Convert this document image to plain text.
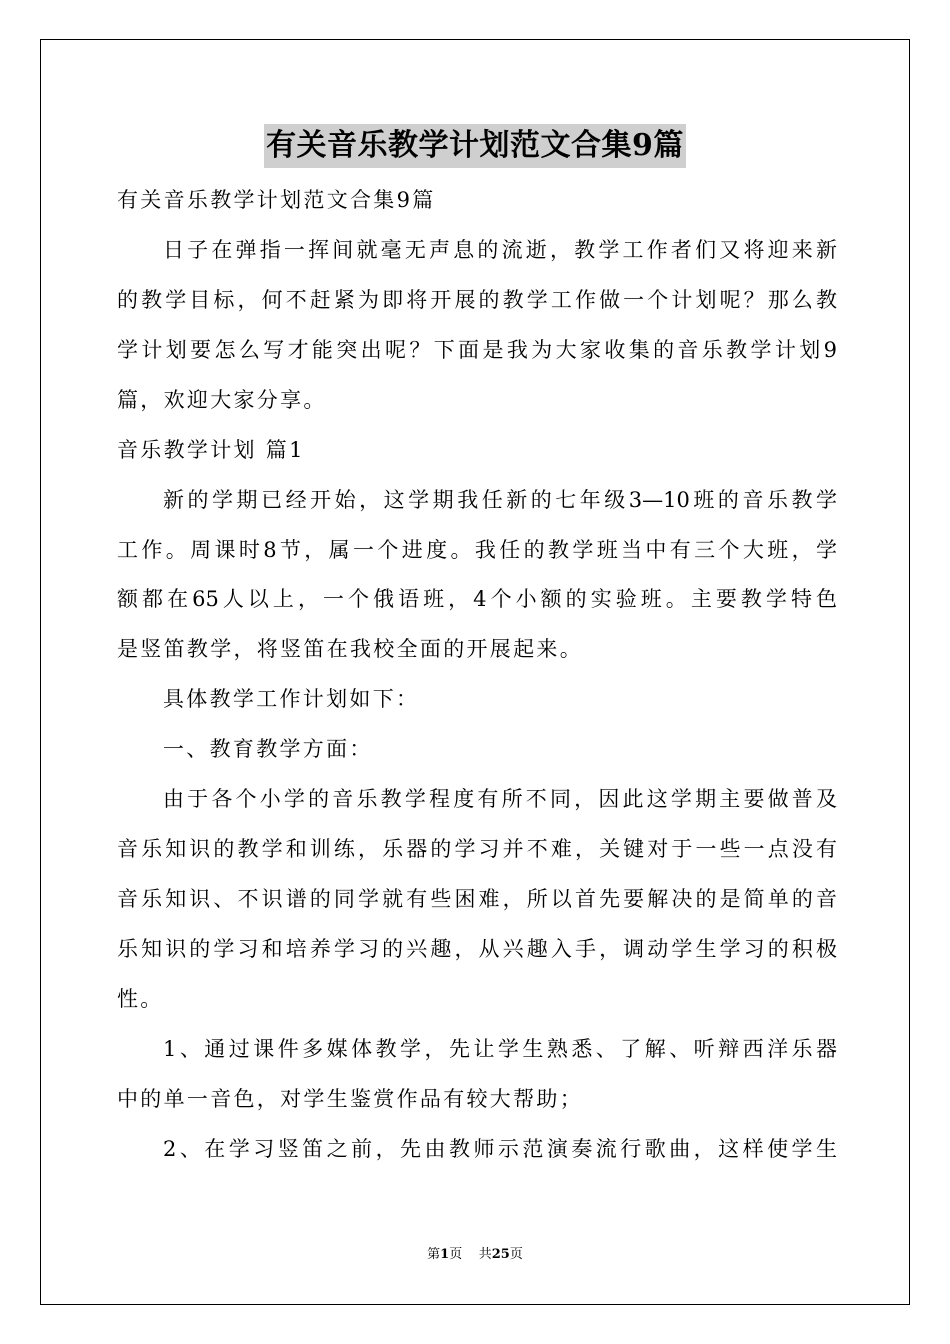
有关音乐教学计划范文合集9篇
有关音乐教学计划范文合集9篇
日子在弹指一挥间就毫无声息的流逝，教学工作者们又将迎来新
的教学目标，何不赶紧为即将开展的教学工作做一个计划呢？那么教
学计划要怎么写才能突出呢？下面是我为大家收集的音乐教学计划9
篇，欢迎大家分享。
音乐教学计划 篇1
新的学期已经开始，这学期我任新的七年级3—10班的音乐教学
工作。周课时8节，属一个进度。我任的教学班当中有三个大班，学
额都在65人以上，一个俄语班，4个小额的实验班。主要教学特色
是竖笛教学，将竖笛在我校全面的开展起来。
具体教学工作计划如下：
一、教育教学方面：
由于各个小学的音乐教学程度有所不同，因此这学期主要做普及
音乐知识的教学和训练，乐器的学习并不难，关键对于一些一点没有
音乐知识、不识谱的同学就有些困难，所以首先要解决的是简单的音
乐知识的学习和培养学习的兴趣，从兴趣入手，调动学生学习的积极
性。
1、通过课件多媒体教学，先让学生熟悉、了解、听辩西洋乐器
中的单一音色，对学生鉴赏作品有较大帮助；
2、在学习竖笛之前，先由教师示范演奏流行歌曲，这样使学生
第1页 共25页
